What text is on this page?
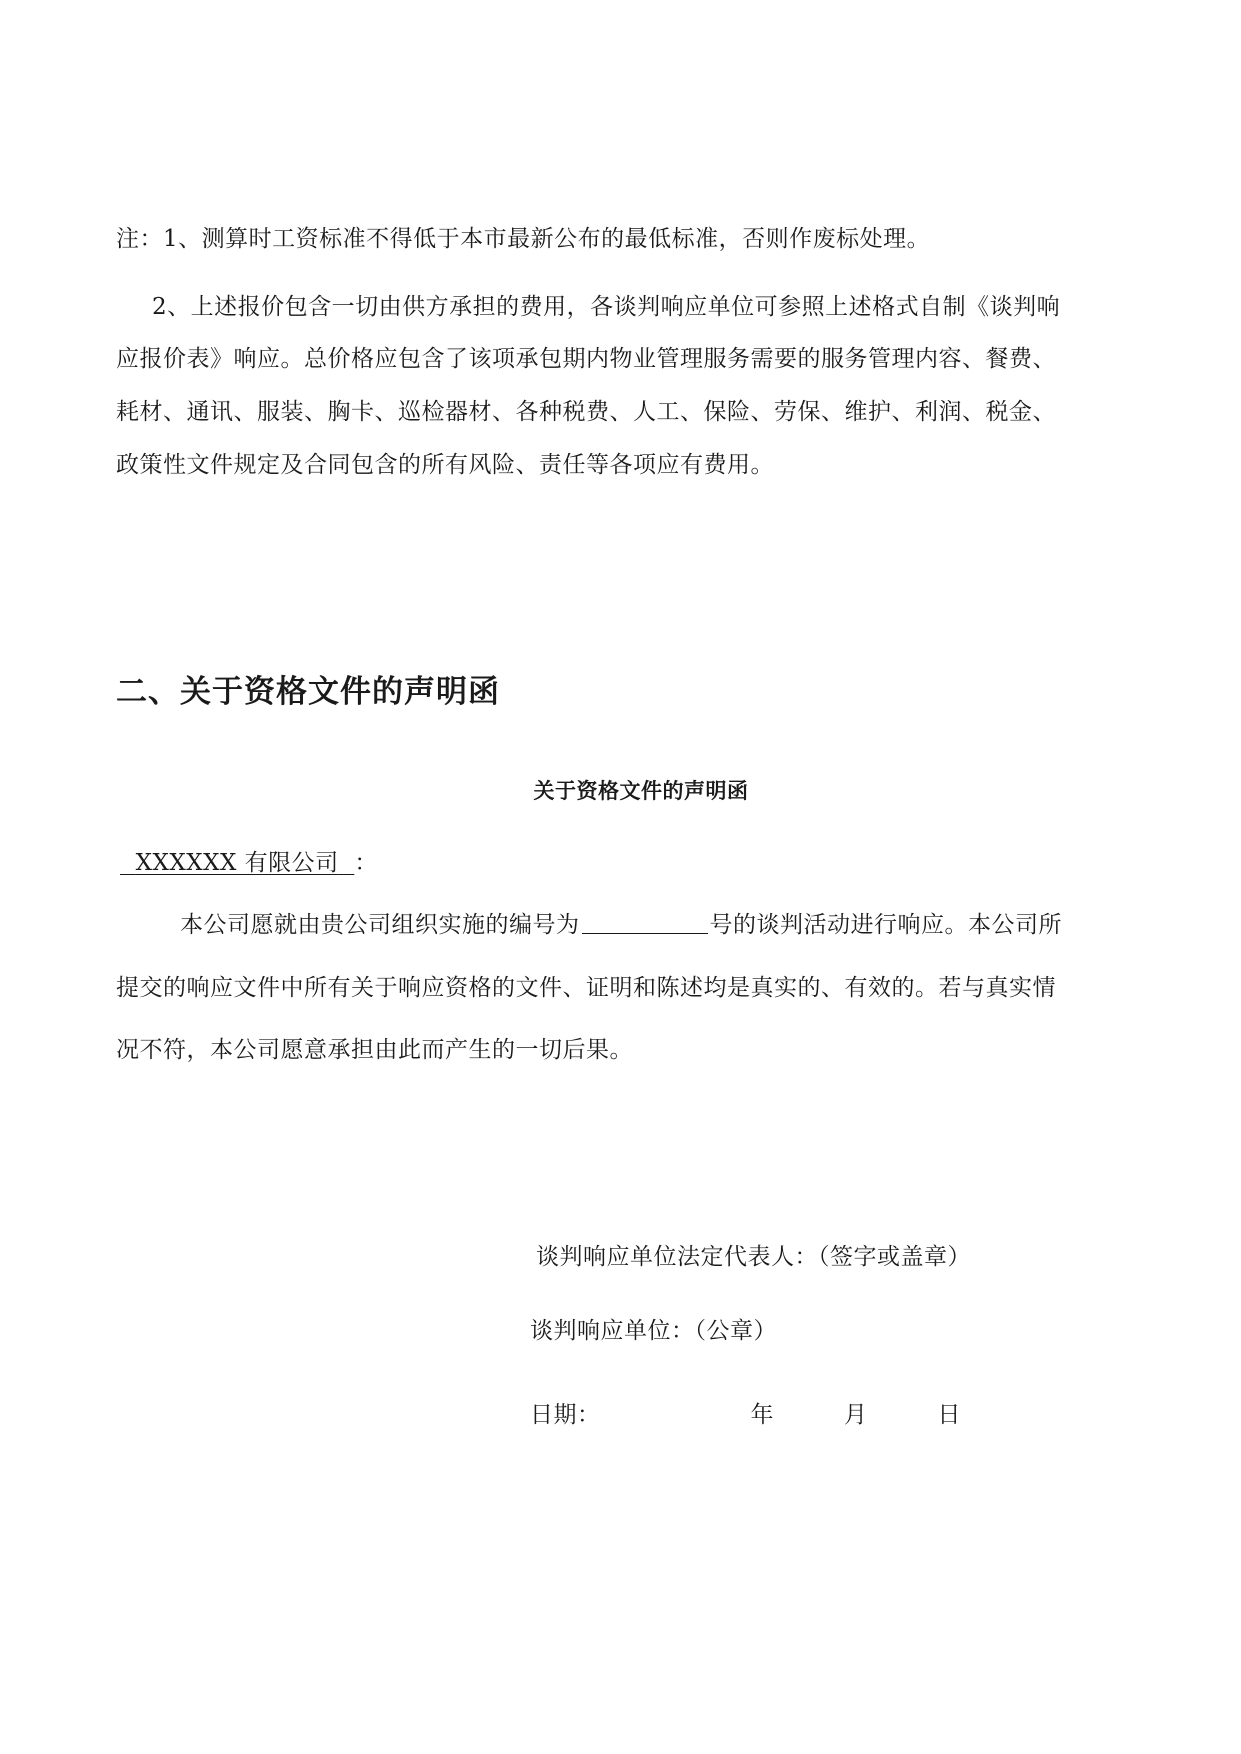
注：1、测算时工资标准不得低于本市最新公布的最低标准，否则作废标处理。
2、上述报价包含一切由供方承担的费用，各谈判响应单位可参照上述格式自制《谈判响
应报价表》响应。总价格应包含了该项承包期内物业管理服务需要的服务管理内容、餐费、
耗材、通讯、服装、胸卡、巡检器材、各种税费、人工、保险、劳保、维护、利润、税金、
政策性文件规定及合同包含的所有风险、责任等各项应有费用。
二、关于资格文件的声明函
关于资格文件的声明函
XXXXXX 有限公司 ：
本公司愿就由贵公司组织实施的编号为	号的谈判活动进行响应。本公司所
提交的响应文件中所有关于响应资格的文件、证明和陈述均是真实的、有效的。若与真实情
况不符，本公司愿意承担由此而产生的一切后果。
谈判响应单位法定代表人：（签字或盖章）
谈判响应单位：（公章）
日期：	年	月	日
